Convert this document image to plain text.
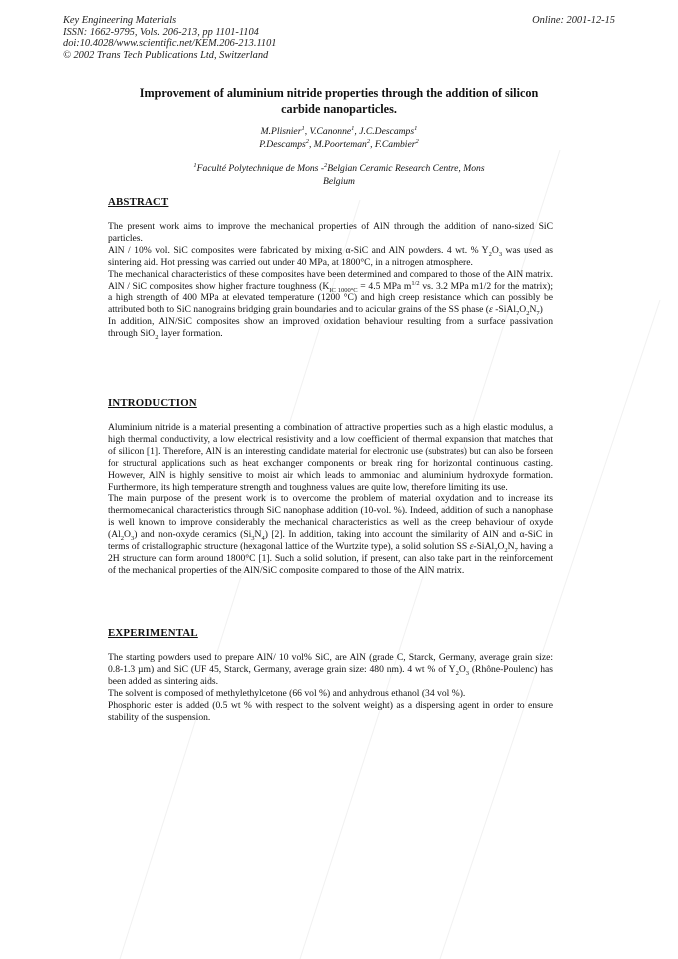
Key Engineering Materials
ISSN: 1662-9795, Vols. 206-213, pp 1101-1104
doi:10.4028/www.scientific.net/KEM.206-213.1101
© 2002 Trans Tech Publications Ltd, Switzerland
Online: 2001-12-15
Improvement of aluminium nitride properties through the addition of silicon
carbide nanoparticles.
M.Plisnier$^1$, V.Canonne$^1$, J.C.Descamps$^1$
P.Descamps$^2$, M.Poorteman$^2$, F.Cambier$^2$
$^1$Faculté Polytechnique de Mons -$^2$Belgian Ceramic Research Centre, Mons
Belgium
ABSTRACT

The present work aims to improve the mechanical properties of AlN through the addition of nano-sized SiC particles.

AlN / 10% vol. SiC composites were fabricated by mixing α-SiC and AlN powders. 4 wt. % $Y_2O_3$ was used as sintering aid. Hot pressing was carried out under 40 MPa, at 1800°C, in a nitrogen atmosphere.

The mechanical characteristics of these composites have been determined and compared to those of the AlN matrix. AlN / SiC composites show higher fracture toughness ($K_{IC 1000^\circ C} = 4.5$ MPa $m^{1/2}$ vs. 3.2 MPa m1/2 for the matrix); a high strength of 400 MPa at elevated temperature (1200 °C) and high creep resistance which can possibly be attributed both to SiC nanograins bridging grain boundaries and to acicular grains of the SS phase (ε $-SiAl_7O_2N_7$)

In addition, AlN/SiC composites show an improved oxidation behaviour resulting from a surface passivation through SiO$_2$ layer formation.

INTRODUCTION

Aluminium nitride is a material presenting a combination of attractive properties such as a high elastic modulus, a high thermal conductivity, a low electrical resistivity and a low coefficient of thermal expansion that matches that of silicon [1]. Therefore, AlN is an interesting candidate material for electronic use (substrates) but can also be forseen for structural applications such as heat exchanger components or break ring for horizontal continuous casting. However, AlN is highly sensitive to moist air which leads to ammoniac and aluminium hydroxyde formation. Furthermore, its high temperature strength and toughness values are quite low, therefore limiting its use.

The main purpose of the present work is to overcome the problem of material oxydation and to increase its thermomecanical characteristics through SiC nanophase addition (10-vol. %). Indeed, addition of such a nanophase is well known to improve considerably the mechanical characteristics as well as the creep behaviour of oxyde $(Al_2O_3)$ and non-oxyde ceramics $(Si_3N_4)$ [2]. In addition, taking into account the similarity of AlN and α-SiC in terms of cristallographic structure (hexagonal lattice of the Wurtzite type), a solid solution SS $\varepsilon-SiAl_7O_2N_7$ having a 2H structure can form around 1800°C [1]. Such a solid solution, if present, can also take part in the reinforcement of the mechanical properties of the AlN/SiC composite compared to those of the AlN matrix.

EXPERIMENTAL

The starting powders used to prepare AlN/ 10 vol% SiC, are AlN (grade C, Starck, Germany, average grain size: 0.8-1.3 µm) and SiC (UF 45, Starck, Germany, average grain size: 480 nm). 4 wt % of $Y_2O_3$ (Rhône-Poulenc) has been added as sintering aids.

The solvent is composed of methylethylcetone (66 vol %) and anhydrous ethanol (34 vol %).

Phosphoric ester is added (0.5 wt % with respect to the solvent weight) as a dispersing agent in order to ensure stability of the suspension.
